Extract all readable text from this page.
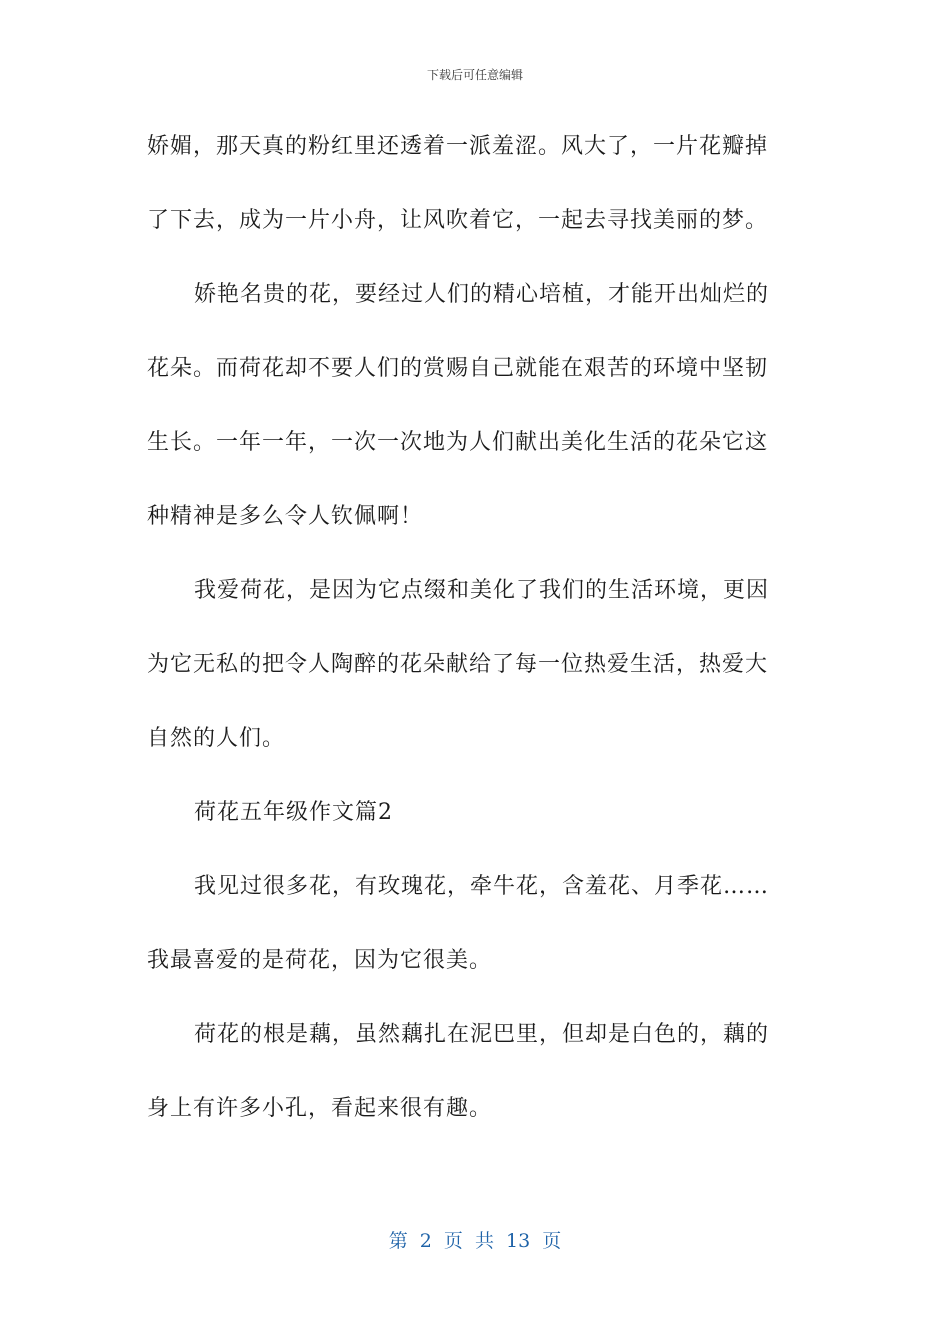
下载后可任意编辑
娇媚，那天真的粉红里还透着一派羞涩。风大了，一片花瓣掉
了下去，成为一片小舟，让风吹着它，一起去寻找美丽的梦。
娇艳名贵的花，要经过人们的精心培植，才能开出灿烂的
花朵。而荷花却不要人们的赏赐自己就能在艰苦的环境中坚韧
生长。一年一年，一次一次地为人们献出美化生活的花朵它这
种精神是多么令人钦佩啊！
我爱荷花，是因为它点缀和美化了我们的生活环境，更因
为它无私的把令人陶醉的花朵献给了每一位热爱生活，热爱大
自然的人们。
荷花五年级作文篇2
我见过很多花，有玫瑰花，牵牛花，含羞花、月季花……
我最喜爱的是荷花，因为它很美。
荷花的根是藕，虽然藕扎在泥巴里，但却是白色的，藕的
身上有许多小孔，看起来很有趣。
第 2 页 共 13 页
